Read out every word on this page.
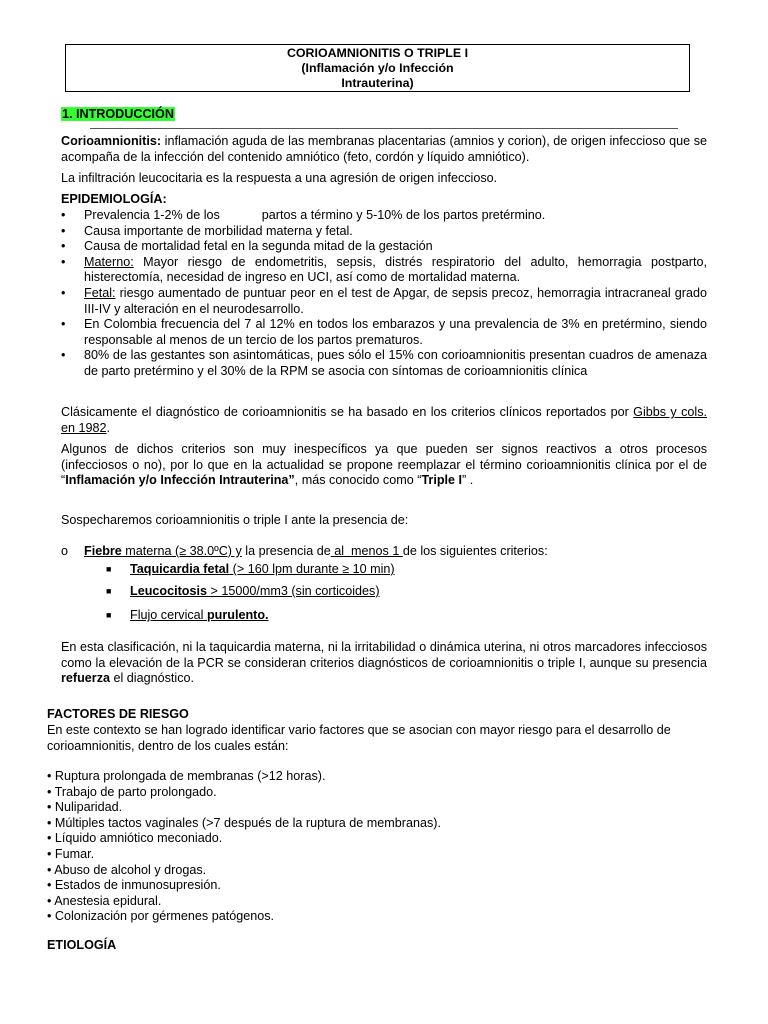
CORIOAMNIONITIS O TRIPLE I
(Inflamación y/o Infección
Intrauterina)
1. INTRODUCCIÓN
Corioamnionitis: inflamación aguda de las membranas placentarias (amnios y corion), de origen infeccioso que se acompaña de la infección del contenido amniótico (feto, cordón y líquido amniótico).
La infiltración leucocitaria es la respuesta a una agresión de origen infeccioso.
EPIDEMIOLOGÍA:
• Prevalencia 1-2% de los            partos a término y 5-10% de los partos pretérmino.
• Causa importante de morbilidad materna y fetal.
• Causa de mortalidad fetal en la segunda mitad de la gestación
• Materno: Mayor riesgo de endometritis, sepsis, distrés respiratorio del adulto, hemorragia postparto, histerectomía, necesidad de ingreso en UCI, así como de mortalidad materna.
• Fetal: riesgo aumentado de puntuar peor en el test de Apgar, de sepsis precoz, hemorragia intracraneal grado III-IV y alteración en el neurodesarrollo.
• En Colombia frecuencia del 7 al 12% en todos los embarazos y una prevalencia de 3% en pretérmino, siendo responsable al menos de un tercio de los partos prematuros.
• 80% de las gestantes son asintomáticas, pues sólo el 15% con corioamnionitis presentan cuadros de amenaza de parto pretérmino y el 30% de la RPM se asocia con síntomas de corioamnionitis clínica
Clásicamente el diagnóstico de corioamnionitis se ha basado en los criterios clínicos reportados por Gibbs y cols. en 1982.
Algunos de dichos criterios son muy inespecíficos ya que pueden ser signos reactivos a otros procesos (infecciosos o no), por lo que en la actualidad se propone reemplazar el término corioamnionitis clínica por el de “Inflamación y/o Infección Intrauterina”, más conocido como “Triple I” .
Sospecharemos corioamnionitis o triple I ante la presencia de:
o Fiebre materna (≥ 38.0ºC) y la presencia de al  menos 1 de los siguientes criterios:
■ Taquicardia fetal (> 160 lpm durante ≥ 10 min)
■ Leucocitosis > 15000/mm3 (sin corticoides)
■ Flujo cervical purulento.
En esta clasificación, ni la taquicardia materna, ni la irritabilidad o dinámica uterina, ni otros marcadores infecciosos como la elevación de la PCR se consideran criterios diagnósticos de corioamnionitis o triple I, aunque su presencia refuerza el diagnóstico.
FACTORES DE RIESGO
En este contexto se han logrado identificar vario factores que se asocian con mayor riesgo para el desarrollo de corioamnionitis, dentro de los cuales están:
• Ruptura prolongada de membranas (>12 horas).
• Trabajo de parto prolongado.
• Nuliparidad.
• Múltiples tactos vaginales (>7 después de la ruptura de membranas).
• Líquido amniótico meconiado.
• Fumar.
• Abuso de alcohol y drogas.
• Estados de inmunosupresión.
• Anestesia epidural.
• Colonización por gérmenes patógenos.
ETIOLOGÍA
